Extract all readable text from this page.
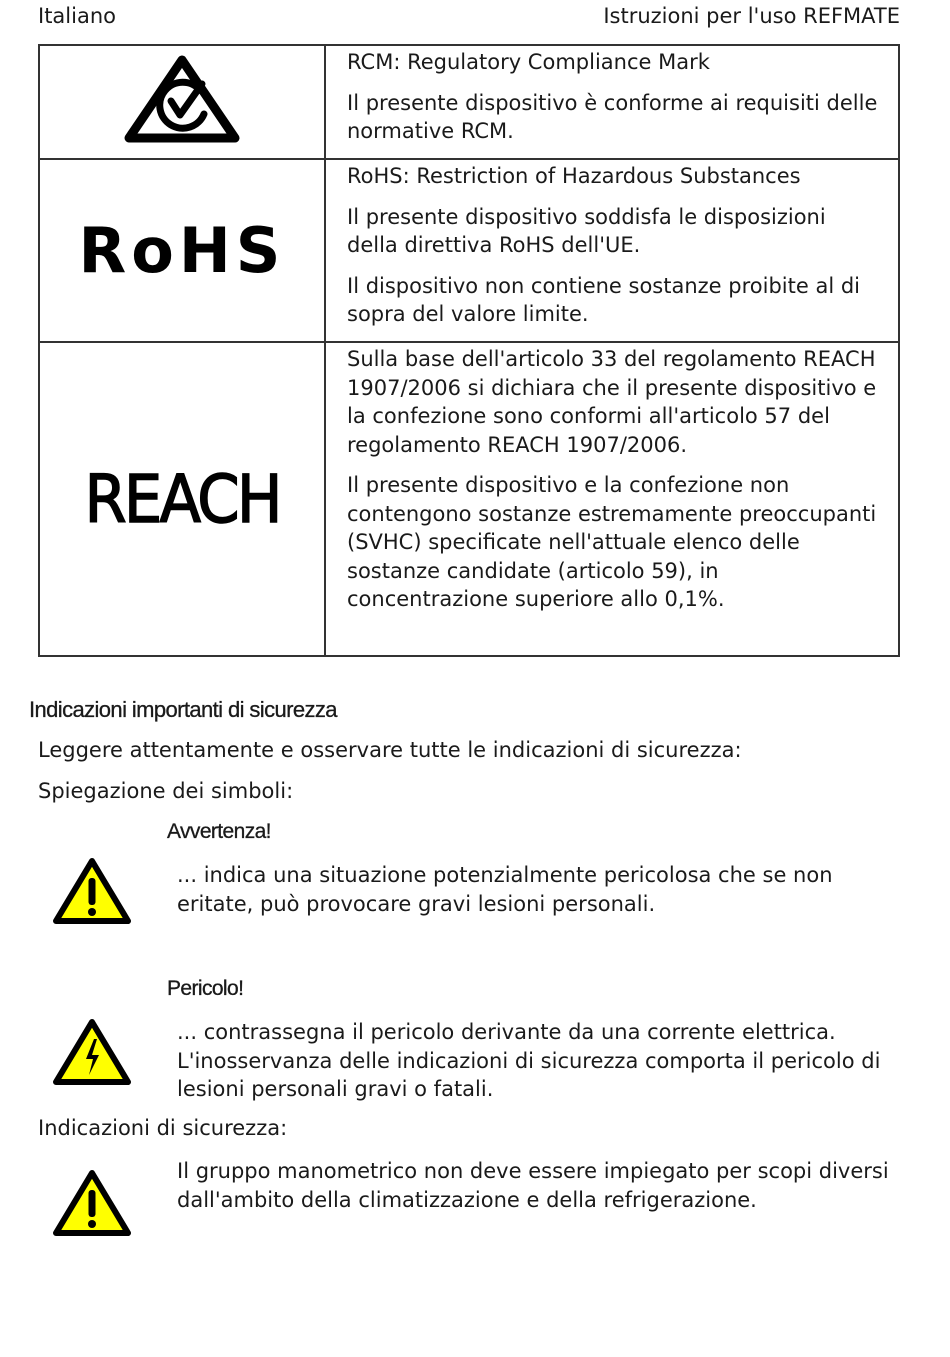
Italiano	Istruzioni per l'uso REFMATE

RCM: Regulatory Compliance Mark

Il presente dispositivo è conforme ai requisiti delle normative RCM.

RoHS	RoHS: Restriction of Hazardous Substances

Il presente dispositivo soddisfa le disposizioni della direttiva RoHS dell'UE.

Il dispositivo non contiene sostanze proibite al di sopra del valore limite.

REACH	Sulla base dell'articolo 33 del regolamento REACH 1907/2006 si dichiara che il presente dispositivo e la confezione sono conformi all'articolo 57 del regolamento REACH 1907/2006.

Il presente dispositivo e la confezione non contengono sostanze estremamente preoccupanti (SVHC) specificate nell'attuale elenco delle sostanze candidate (articolo 59), in concentrazione superiore allo 0,1%.

Indicazioni importanti di sicurezza
Leggere attentamente e osservare tutte le indicazioni di sicurezza:
Spiegazione dei simboli:
Avvertenza!
... indica una situazione potenzialmente pericolosa che se non eritate, può provocare gravi lesioni personali.
Pericolo!
... contrassegna il pericolo derivante da una corrente elettrica. L'inosservanza delle indicazioni di sicurezza comporta il pericolo di lesioni personali gravi o fatali.
Indicazioni di sicurezza:
Il gruppo manometrico non deve essere impiegato per scopi diversi dall'ambito della climatizzazione e della refrigerazione.
